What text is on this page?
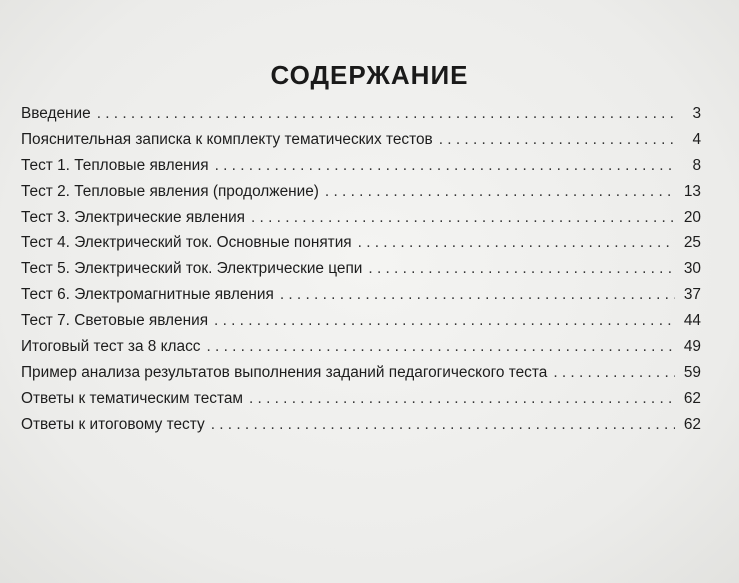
СОДЕРЖАНИЕ
Введение . . .	3
Пояснительная записка к комплекту тематических тестов . . .	4
Тест 1. Тепловые явления . . .	8
Тест 2. Тепловые явления (продолжение) . . .	13
Тест 3. Электрические явления . . .	20
Тест 4. Электрический ток. Основные понятия . . .	25
Тест 5. Электрический ток. Электрические цепи . . .	30
Тест 6. Электромагнитные явления . . .	37
Тест 7. Световые явления . . .	44
Итоговый тест за 8 класс . . .	49
Пример анализа результатов выполнения заданий педагогического теста . . .	59
Ответы к тематическим тестам . . .	62
Ответы к итоговому тесту . . .	62
